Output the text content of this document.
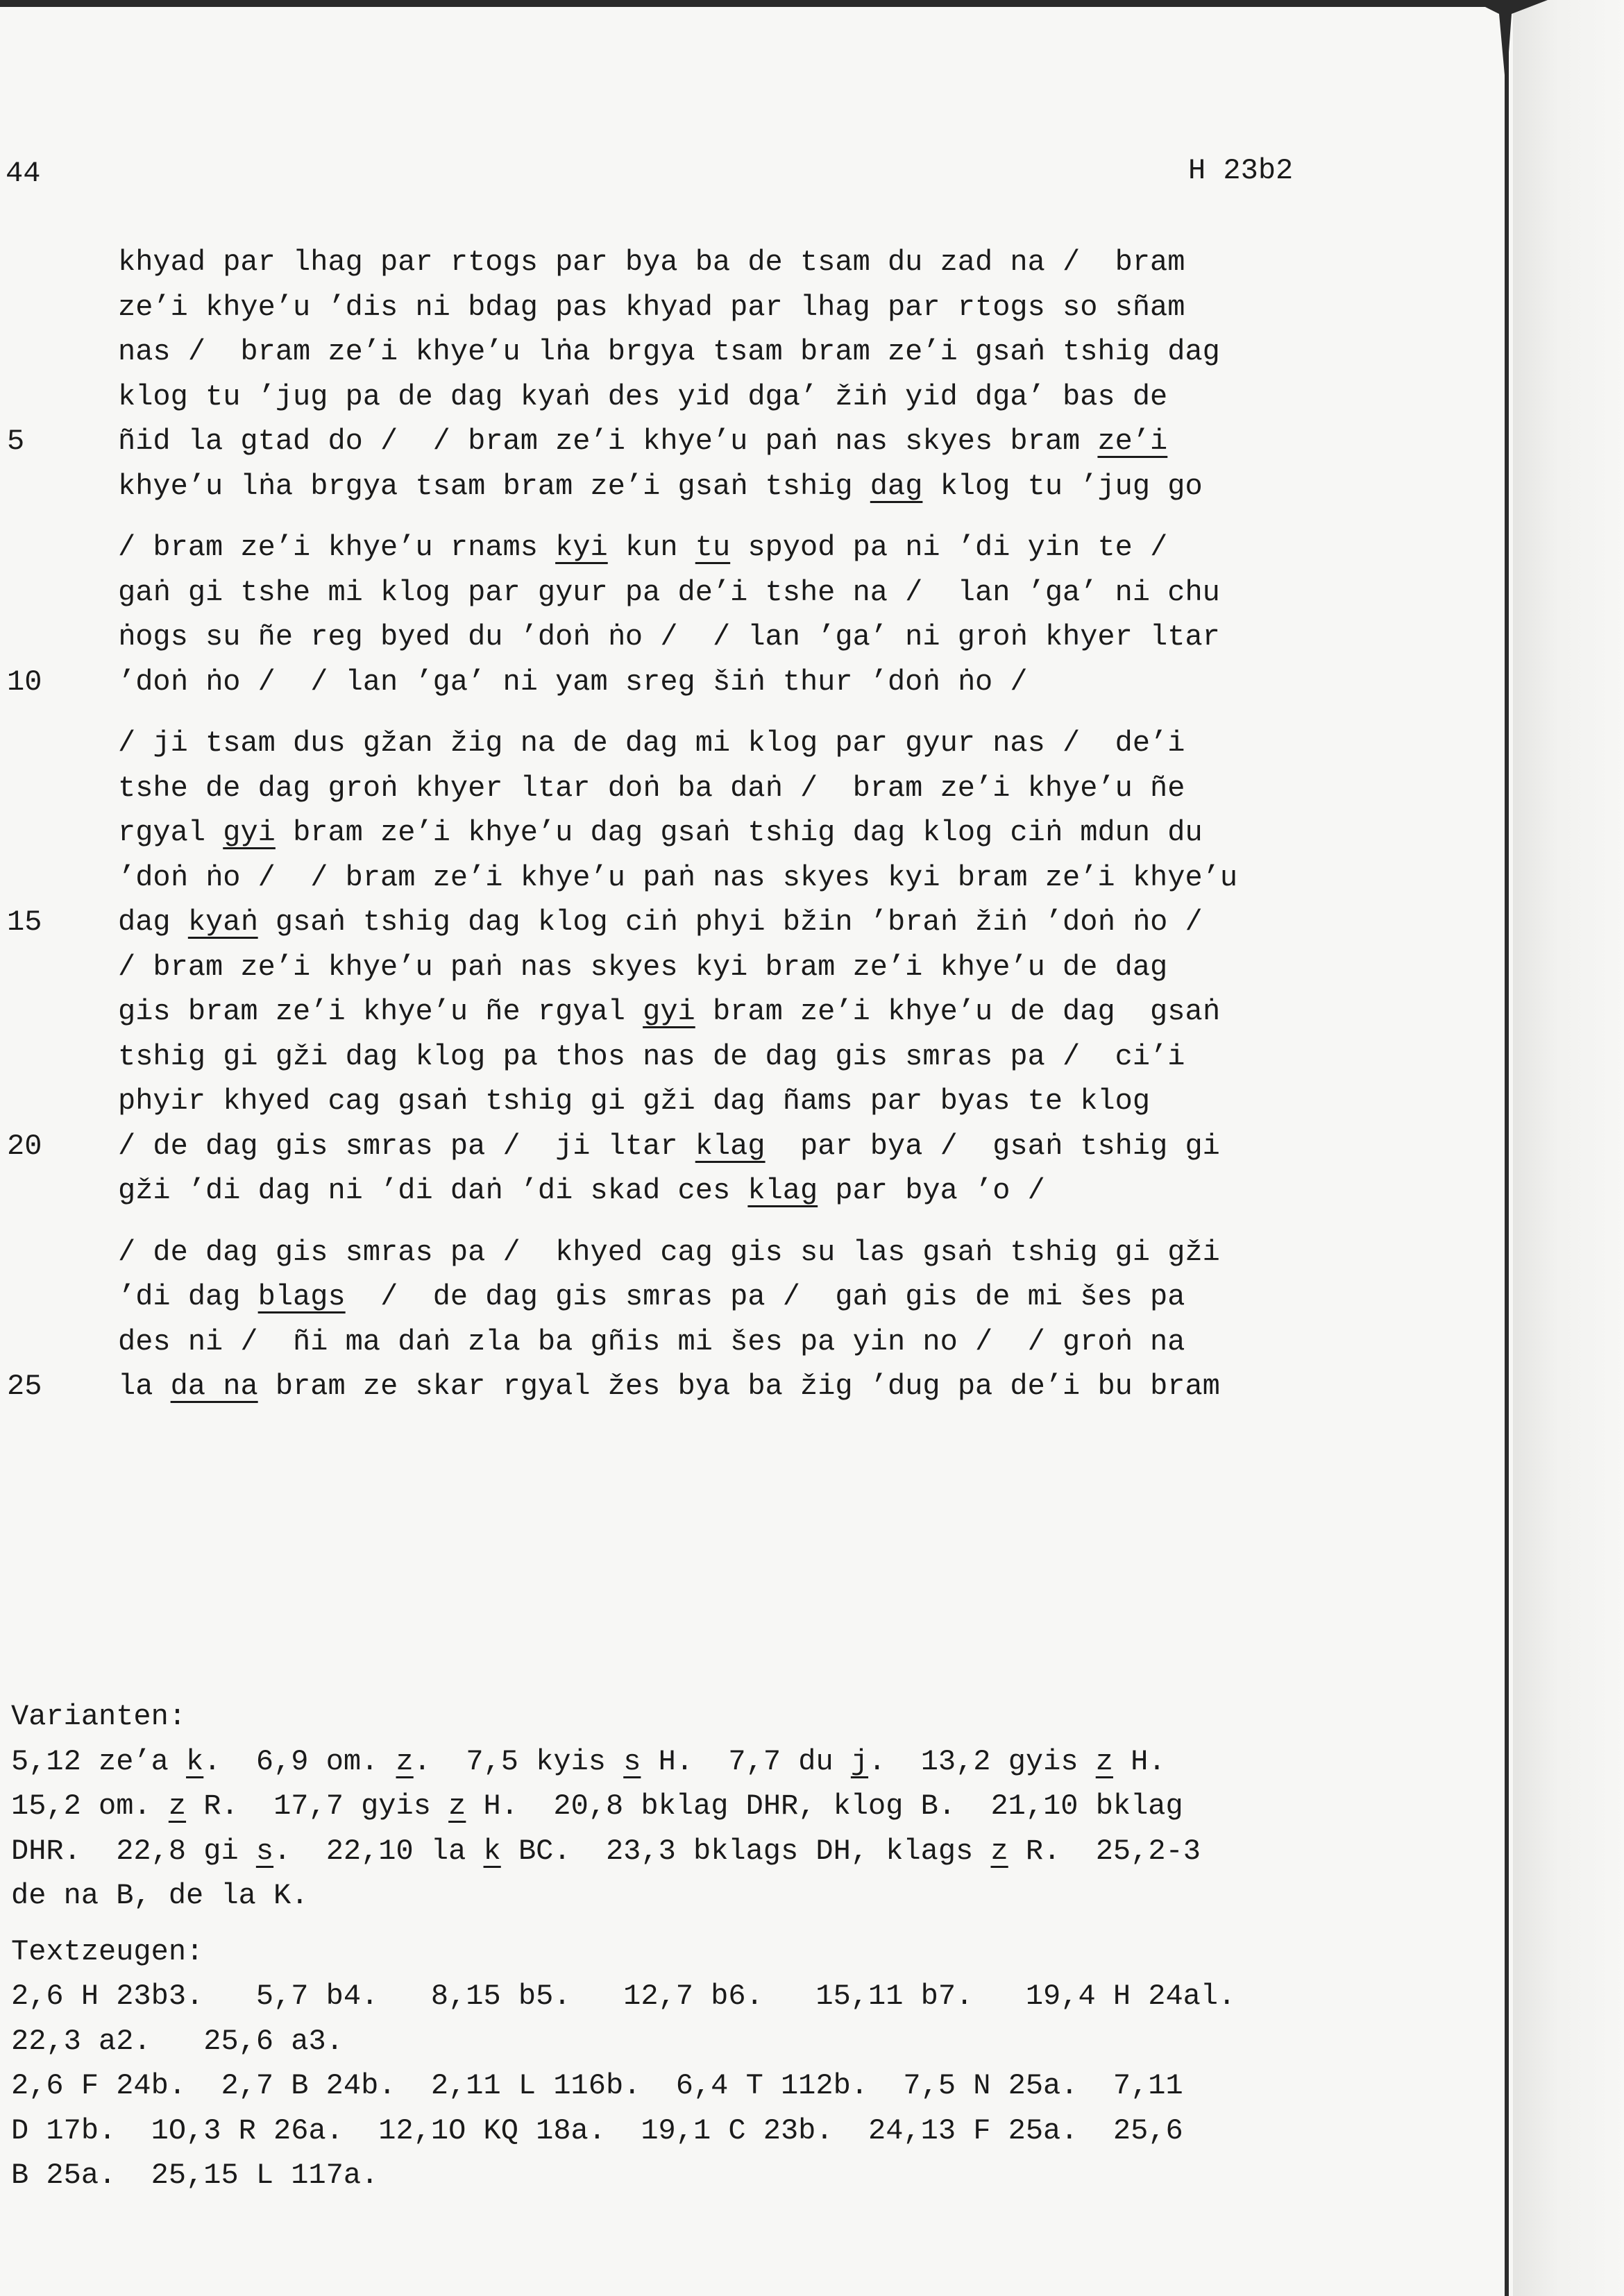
44	H 23b2
khyad par lhag par rtogs par bya ba de tsam du zad na /  bram
ze’i khye’u ’dis ni bdag pas khyad par lhag par rtogs so sñam
nas /  bram ze’i khye’u lṅa brgya tsam bram ze’i gsaṅ tshig dag
klog tu ’jug pa de dag kyaṅ des yid dga’ žiṅ yid dga’ bas de
5	ñid la gtad do /  / bram ze’i khye’u paṅ nas skyes bram ze’i
khye’u lṅa brgya tsam bram ze’i gsaṅ tshig dag klog tu ’jug go
/ bram ze’i khye’u rnams kyi kun tu spyod pa ni ’di yin te /
gaṅ gi tshe mi klog par gyur pa de’i tshe na /  lan ’ga’ ni chu
ṅogs su ñe reg byed du ’doṅ ṅo /  / lan ’ga’ ni groṅ khyer ltar
10	’doṅ ṅo /  / lan ’ga’ ni yam sreg šiṅ thur ’doṅ ṅo /
/ ji tsam dus gžan žig na de dag mi klog par gyur nas /  de’i
tshe de dag groṅ khyer ltar doṅ ba daṅ /  bram ze’i khye’u ñe
rgyal gyi bram ze’i khye’u dag gsaṅ tshig dag klog ciṅ mdun du
’doṅ ṅo /  / bram ze’i khye’u paṅ nas skyes kyi bram ze’i khye’u
15	dag kyaṅ gsaṅ tshig dag klog ciṅ phyi bžin ’braṅ žiṅ ’doṅ ṅo /
/ bram ze’i khye’u paṅ nas skyes kyi bram ze’i khye’u de dag
gis bram ze’i khye’u ñe rgyal gyi bram ze’i khye’u de dag  gsaṅ
tshig gi gži dag klog pa thos nas de dag gis smras pa /  ci’i
phyir khyed cag gsaṅ tshig gi gži dag ñams par byas te klog
20	/ de dag gis smras pa /  ji ltar klag  par bya /  gsaṅ tshig gi
gži ’di dag ni ’di daṅ ’di skad ces klag par bya ’o /
/ de dag gis smras pa /  khyed cag gis su las gsaṅ tshig gi gži
’di dag blags  /  de dag gis smras pa /  gaṅ gis de mi šes pa
des ni /  ñi ma daṅ zla ba gñis mi šes pa yin no /  / groṅ na
25	la da na bram ze skar rgyal žes bya ba žig ’dug pa de’i bu bram
Varianten:
5,12 ze’a k.  6,9 om. z.  7,5 kyis s H.  7,7 du j.  13,2 gyis z H.
15,2 om. z R.  17,7 gyis z H.  20,8 bklag DHR, klog B.  21,10 bklag
DHR.  22,8 gi s.  22,10 la k BC.  23,3 bklags DH, klags z R.  25,2-3
de na B, de la K.
Textzeugen:
2,6 H 23b3.   5,7 b4.   8,15 b5.   12,7 b6.   15,11 b7.   19,4 H 24al.
22,3 a2.   25,6 a3.
2,6 F 24b.  2,7 B 24b.  2,11 L 116b.  6,4 T 112b.  7,5 N 25a.  7,11
D 17b.  1O,3 R 26a.  12,1O KQ 18a.  19,1 C 23b.  24,13 F 25a.  25,6
B 25a.  25,15 L 117a.
